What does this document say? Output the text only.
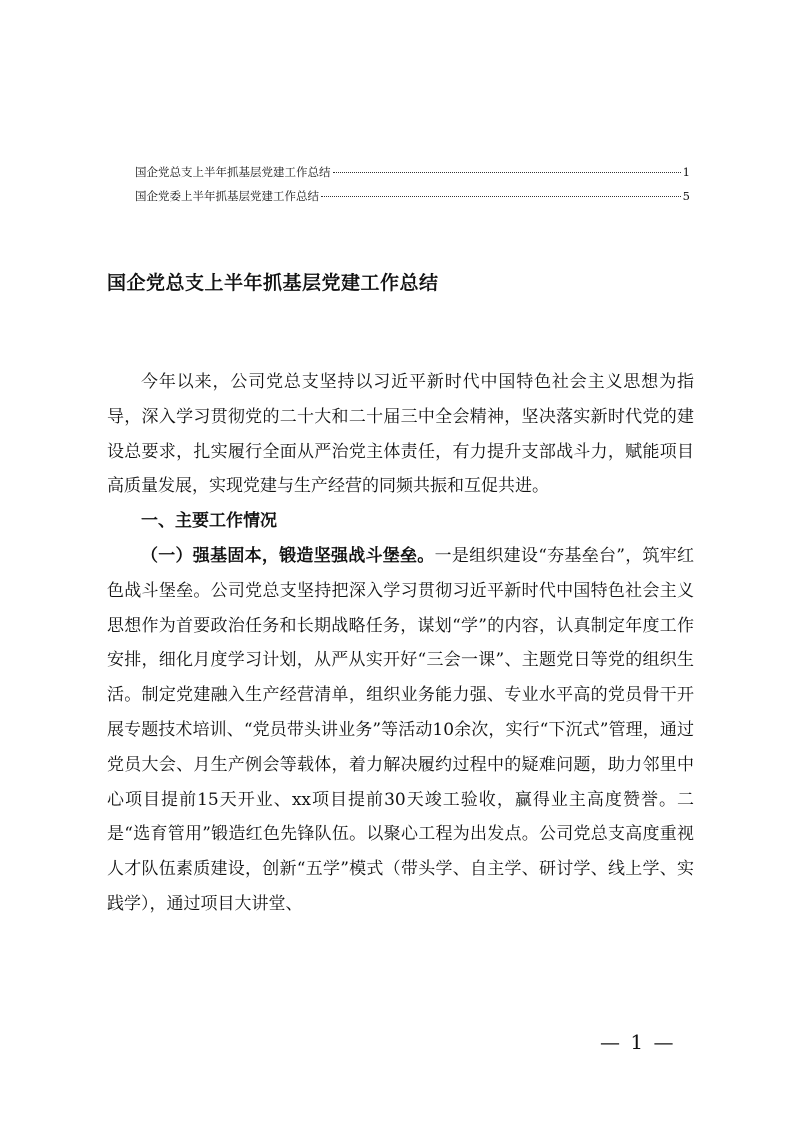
国企党总支上半年抓基层党建工作总结	1
国企党委上半年抓基层党建工作总结	5
国企党总支上半年抓基层党建工作总结

今年以来，公司党总支坚持以习近平新时代中国特色社会主义思想为指导，深入学习贯彻党的二十大和二十届三中全会精神，坚决落实新时代党的建设总要求，扎实履行全面从严治党主体责任，有力提升支部战斗力，赋能项目高质量发展，实现党建与生产经营的同频共振和互促共进。

一、主要工作情况

（一）强基固本，锻造坚强战斗堡垒。一是组织建设“夯基垒台”，筑牢红色战斗堡垒。公司党总支坚持把深入学习贯彻习近平新时代中国特色社会主义思想作为首要政治任务和长期战略任务，谋划“学”的内容，认真制定年度工作安排，细化月度学习计划，从严从实开好“三会一课”、主题党日等党的组织生活。制定党建融入生产经营清单，组织业务能力强、专业水平高的党员骨干开展专题技术培训、“党员带头讲业务”等活动10余次，实行“下沉式”管理，通过党员大会、月生产例会等载体，着力解决履约过程中的疑难问题，助力邻里中心项目提前15天开业、xx项目提前30天竣工验收，赢得业主高度赞誉。二是“选育管用”锻造红色先锋队伍。以聚心工程为出发点。公司党总支高度重视人才队伍素质建设，创新“五学”模式（带头学、自主学、研讨学、线上学、实践学），通过项目大讲堂、

— 1 —
